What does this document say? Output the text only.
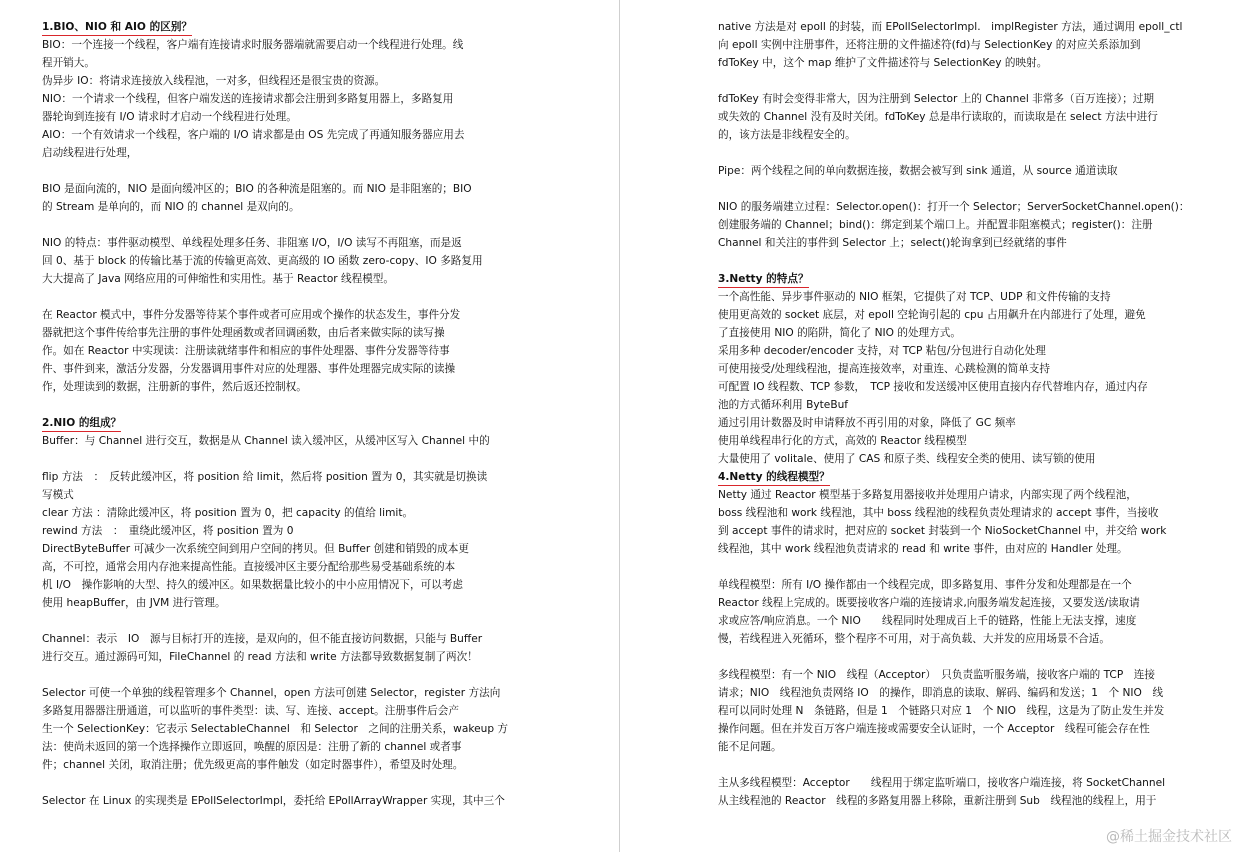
1.BIO、NIO 和 AIO 的区别？
BIO：一个连接一个线程，客户端有连接请求时服务器端就需要启动一个线程进行处理。线
程开销大。
伪异步 IO：将请求连接放入线程池，一对多，但线程还是很宝贵的资源。
NIO：一个请求一个线程，但客户端发送的连接请求都会注册到多路复用器上，多路复用
器轮询到连接有 I/O 请求时才启动一个线程进行处理。
AIO：一个有效请求一个线程，客户端的 I/O 请求都是由 OS 先完成了再通知服务器应用去
启动线程进行处理，
BIO 是面向流的，NIO 是面向缓冲区的；BIO 的各种流是阻塞的。而 NIO 是非阻塞的；BIO
的 Stream 是单向的，而 NIO 的 channel 是双向的。
NIO 的特点：事件驱动模型、单线程处理多任务、非阻塞 I/O，I/O 读写不再阻塞，而是返
回 0、基于 block 的传输比基于流的传输更高效、更高级的 IO 函数 zero-copy、IO 多路复用
大大提高了 Java 网络应用的可伸缩性和实用性。基于 Reactor 线程模型。
在 Reactor 模式中，事件分发器等待某个事件或者可应用或个操作的状态发生，事件分发
器就把这个事件传给事先注册的事件处理函数或者回调函数，由后者来做实际的读写操
作。如在 Reactor 中实现读：注册读就绪事件和相应的事件处理器、事件分发器等待事
件、事件到来，激活分发器，分发器调用事件对应的处理器、事件处理器完成实际的读操
作，处理读到的数据，注册新的事件，然后返还控制权。
2.NIO 的组成？
Buffer：与 Channel 进行交互，数据是从 Channel 读入缓冲区，从缓冲区写入 Channel 中的
flip 方法　：　反转此缓冲区，将 position 给 limit，然后将 position 置为 0，其实就是切换读
写模式
clear 方法 ：清除此缓冲区，将 position 置为 0，把 capacity 的值给 limit。
rewind 方法　：　重绕此缓冲区，将 position 置为 0
DirectByteBuffer 可减少一次系统空间到用户空间的拷贝。但 Buffer 创建和销毁的成本更
高，不可控，通常会用内存池来提高性能。直接缓冲区主要分配给那些易受基础系统的本
机 I/O　操作影响的大型、持久的缓冲区。如果数据量比较小的中小应用情况下，可以考虑
使用 heapBuffer，由 JVM 进行管理。
Channel：表示　IO　源与目标打开的连接，是双向的，但不能直接访问数据，只能与 Buffer
进行交互。通过源码可知，FileChannel 的 read 方法和 write 方法都导致数据复制了两次！
Selector 可使一个单独的线程管理多个 Channel，open 方法可创建 Selector，register 方法向
多路复用器器注册通道，可以监听的事件类型：读、写、连接、accept。注册事件后会产
生一个 SelectionKey：它表示 SelectableChannel　和 Selector　之间的注册关系，wakeup 方
法：使尚未返回的第一个选择操作立即返回，唤醒的原因是：注册了新的 channel 或者事
件；channel 关闭，取消注册；优先级更高的事件触发（如定时器事件），希望及时处理。
Selector 在 Linux 的实现类是 EPollSelectorImpl，委托给 EPollArrayWrapper 实现，其中三个
native 方法是对 epoll 的封装，而 EPollSelectorImpl.　implRegister 方法，通过调用 epoll_ctl
向 epoll 实例中注册事件，还将注册的文件描述符(fd)与 SelectionKey 的对应关系添加到
fdToKey 中，这个 map 维护了文件描述符与 SelectionKey 的映射。
fdToKey 有时会变得非常大，因为注册到 Selector 上的 Channel 非常多（百万连接）；过期
或失效的 Channel 没有及时关闭。fdToKey 总是串行读取的，而读取是在 select 方法中进行
的，该方法是非线程安全的。
Pipe：两个线程之间的单向数据连接，数据会被写到 sink 通道，从 source 通道读取
NIO 的服务端建立过程：Selector.open()：打开一个 Selector；ServerSocketChannel.open()：
创建服务端的 Channel；bind()：绑定到某个端口上。并配置非阻塞模式；register()：注册
Channel 和关注的事件到 Selector 上；select()轮询拿到已经就绪的事件
3.Netty 的特点？
一个高性能、异步事件驱动的 NIO 框架，它提供了对 TCP、UDP 和文件传输的支持
使用更高效的 socket 底层，对 epoll 空轮询引起的 cpu 占用飙升在内部进行了处理，避免
了直接使用 NIO 的陷阱，简化了 NIO 的处理方式。
采用多种 decoder/encoder 支持，对 TCP 粘包/分包进行自动化处理
可使用接受/处理线程池，提高连接效率，对重连、心跳检测的简单支持
可配置 IO 线程数、TCP 参数，　TCP 接收和发送缓冲区使用直接内存代替堆内存，通过内存
池的方式循环利用 ByteBuf
通过引用计数器及时申请释放不再引用的对象，降低了 GC 频率
使用单线程串行化的方式，高效的 Reactor 线程模型
大量使用了 volitale、使用了 CAS 和原子类、线程安全类的使用、读写锁的使用
4.Netty 的线程模型？
Netty 通过 Reactor 模型基于多路复用器接收并处理用户请求，内部实现了两个线程池，
boss 线程池和 work 线程池，其中 boss 线程池的线程负责处理请求的 accept 事件，当接收
到 accept 事件的请求时，把对应的 socket 封装到一个 NioSocketChannel 中，并交给 work
线程池，其中 work 线程池负责请求的 read 和 write 事件，由对应的 Handler 处理。
单线程模型：所有 I/O 操作都由一个线程完成，即多路复用、事件分发和处理都是在一个
Reactor 线程上完成的。既要接收客户端的连接请求,向服务端发起连接，又要发送/读取请
求或应答/响应消息。一个 NIO　　线程同时处理成百上千的链路，性能上无法支撑，速度
慢，若线程进入死循环，整个程序不可用，对于高负载、大并发的应用场景不合适。
多线程模型：有一个 NIO　线程（Acceptor）　只负责监听服务端，接收客户端的 TCP　连接
请求；NIO　线程池负责网络 IO　的操作，即消息的读取、解码、编码和发送；1　个 NIO　线
程可以同时处理 N　条链路，但是 1　个链路只对应 1　个 NIO　线程，这是为了防止发生并发
操作问题。但在并发百万客户端连接或需要安全认证时，一个 Acceptor　线程可能会存在性
能不足问题。
主从多线程模型：Acceptor　　线程用于绑定监听端口，接收客户端连接，将 SocketChannel
从主线程池的 Reactor　线程的多路复用器上移除，重新注册到 Sub　线程池的线程上，用于
@稀土掘金技术社区
